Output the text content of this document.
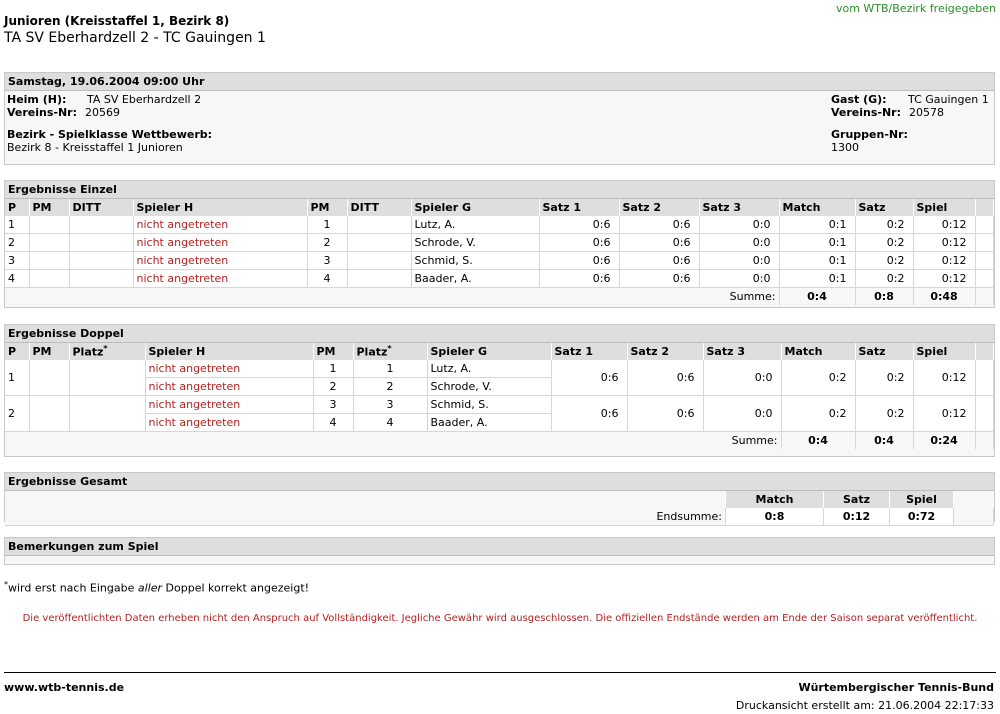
vom WTB/Bezirk freigegeben
Junioren (Kreisstaffel 1, Bezirk 8)
TA SV Eberhardzell 2 - TC Gauingen 1
Samstag, 19.06.2004 09:00 Uhr
Heim (H): TA SV Eberhardzell 2
Vereins-Nr: 20569
Bezirk - Spielklasse Wettbewerb:
Bezirk 8 - Kreisstaffel 1 Junioren
Gast (G): TC Gauingen 1
Vereins-Nr: 20578
Gruppen-Nr:
1300
Ergebnisse Einzel
P	PM	DITT	Spieler H	PM	DITT	Spieler G	Satz 1	Satz 2	Satz 3	Match	Satz	Spiel	
1			nicht angetreten	1		Lutz, A.	0:6	0:6	0:0	0:1	0:2	0:12	
2			nicht angetreten	2		Schrode, V.	0:6	0:6	0:0	0:1	0:2	0:12	
3			nicht angetreten	3		Schmid, S.	0:6	0:6	0:0	0:1	0:2	0:12	
4			nicht angetreten	4		Baader, A.	0:6	0:6	0:0	0:1	0:2	0:12	
Summe:										0:4	0:8	0:48	
Ergebnisse Doppel
P	PM	Platz*	Spieler H	PM	Platz*	Spieler G	Satz 1	Satz 2	Satz 3	Match	Satz	Spiel	
1			nicht angetreten	1	1	Lutz, A.	0:6	0:6	0:0	0:2	0:2	0:12	
			nicht angetreten	2	2	Schrode, V.							
2			nicht angetreten	3	3	Schmid, S.	0:6	0:6	0:0	0:2	0:2	0:12	
			nicht angetreten	4	4	Baader, A.							
Summe:										0:4	0:4	0:24	
Ergebnisse Gesamt
	Match	Satz	Spiel	
Endsumme:	0:8	0:12	0:72	
Bemerkungen zum Spiel
*wird erst nach Eingabe aller Doppel korrekt angezeigt!
Die veröffentlichten Daten erheben nicht den Anspruch auf Vollständigkeit. Jegliche Gewähr wird ausgeschlossen. Die offiziellen Endstände werden am Ende der Saison separat veröffentlicht.
www.wtb-tennis.de	Würtembergischer Tennis-Bund
Druckansicht erstellt am: 21.06.2004 22:17:33
